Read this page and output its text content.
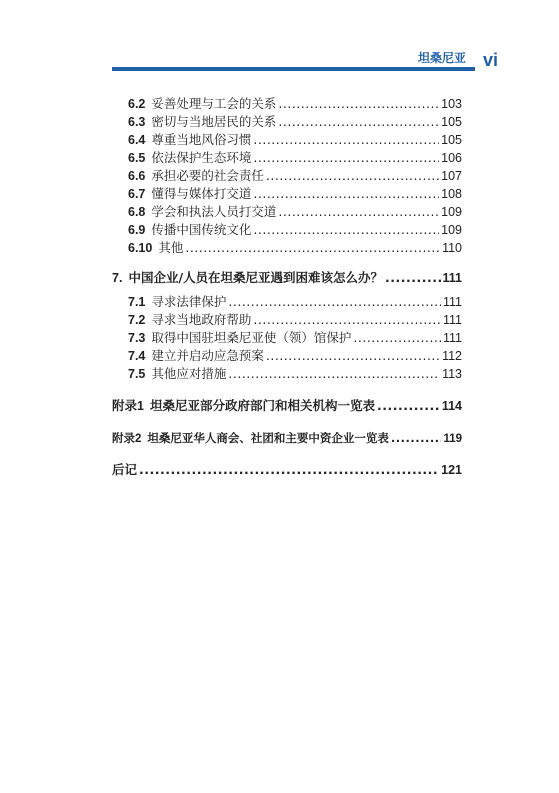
坦桑尼亚 vi
6.2 妥善处理与工会的关系 .....	103
6.3 密切与当地居民的关系 .....	105
6.4 尊重当地风俗习惯 .....	105
6.5 依法保护生态环境 .....	106
6.6 承担必要的社会责任 .....	107
6.7 懂得与媒体打交道 .....	108
6.8 学会和执法人员打交道 .....	109
6.9 传播中国传统文化 .....	109
6.10 其他 .....	110
7. 中国企业/人员在坦桑尼亚遇到困难该怎么办？ .....	111
7.1 寻求法律保护 .....	111
7.2 寻求当地政府帮助 .....	111
7.3 取得中国驻坦桑尼亚使（领）馆保护 .....	111
7.4 建立并启动应急预案 .....	112
7.5 其他应对措施 .....	113
附录1 坦桑尼亚部分政府部门和相关机构一览表 .....	114
附录2 坦桑尼亚华人商会、社团和主要中资企业一览表 .....	119
后记 .....	121
